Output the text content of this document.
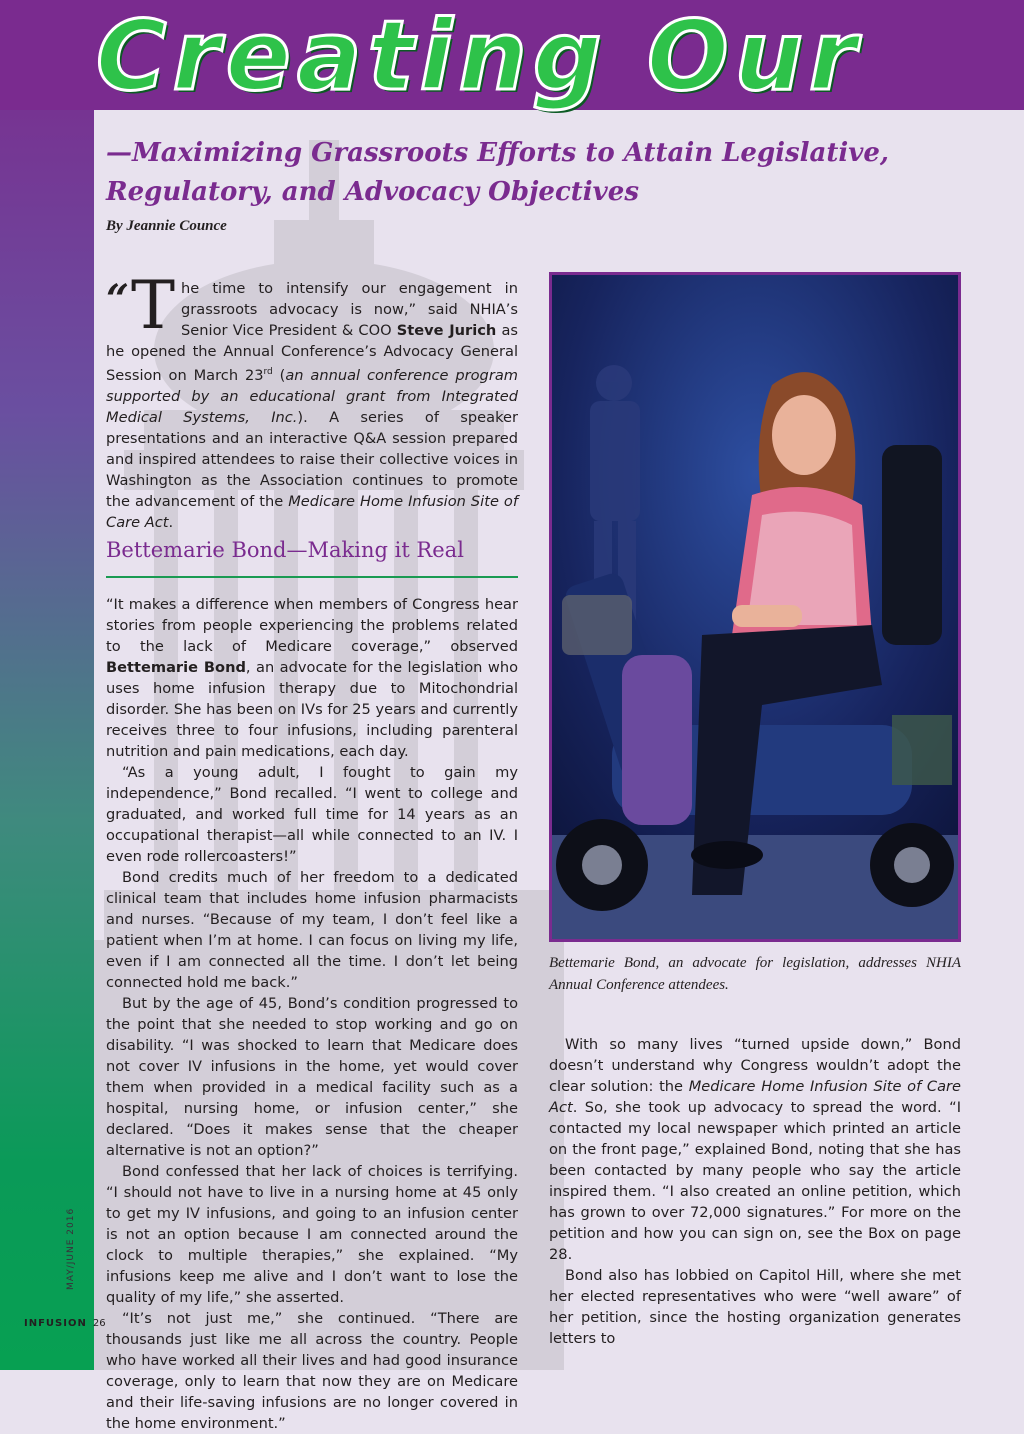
Creating Our
—Maximizing Grassroots Efforts to Attain Legislative, Regulatory, and Advocacy Objectives
By Jeannie Counce
“ T he time to intensify our engagement in grassroots advocacy is now,” said NHIA’s Senior Vice President & COO Steve Jurich as he opened the Annual Conference’s Advocacy General Session on March 23rd (an annual conference program supported by an educational grant from Integrated Medical Systems, Inc.). A series of speaker presentations and an interactive Q&A session prepared and inspired attendees to raise their collective voices in Washington as the Association continues to promote the advancement of the Medicare Home Infusion Site of Care Act.
Bettemarie Bond—Making it Real

“It makes a difference when members of Congress hear stories from people experiencing the problems related to the lack of Medicare coverage,” observed Bettemarie Bond, an advocate for the legislation who uses home infusion therapy due to Mitochondrial disorder. She has been on IVs for 25 years and currently receives three to four infusions, including parenteral nutrition and pain medications, each day.

“As a young adult, I fought to gain my independence,” Bond recalled. “I went to college and graduated, and worked full time for 14 years as an occupational therapist—all while connected to an IV. I even rode rollercoasters!”

Bond credits much of her freedom to a dedicated clinical team that includes home infusion pharmacists and nurses. “Because of my team, I don’t feel like a patient when I’m at home. I can focus on living my life, even if I am connected all the time. I don’t let being connected hold me back.”

But by the age of 45, Bond’s condition progressed to the point that she needed to stop working and go on disability. “I was shocked to learn that Medicare does not cover IV infusions in the home, yet would cover them when provided in a medical facility such as a hospital, nursing home, or infusion center,” she declared. “Does it makes sense that the cheaper alternative is not an option?”

Bond confessed that her lack of choices is terrifying. “I should not have to live in a nursing home at 45 only to get my IV infusions, and going to an infusion center is not an option because I am connected around the clock to multiple therapies,” she explained. “My infusions keep me alive and I don’t want to lose the quality of my life,” she asserted.

“It’s not just me,” she continued. “There are thousands just like me all across the country. People who have worked all their lives and had good insurance coverage, only to learn that now they are on Medicare and their life-saving infusions are no longer covered in the home environment.”

Bettemarie Bond, an advocate for legislation, addresses NHIA Annual Conference attendees.

With so many lives “turned upside down,” Bond doesn’t understand why Congress wouldn’t adopt the clear solution: the Medicare Home Infusion Site of Care Act. So, she took up advocacy to spread the word. “I contacted my local newspaper which printed an article on the front page,” explained Bond, noting that she has been contacted by many people who say the article inspired them. “I also created an online petition, which has grown to over 72,000 signatures.” For more on the petition and how you can sign on, see the Box on page 28.

Bond also has lobbied on Capitol Hill, where she met her elected representatives who were “well aware” of her petition, since the hosting organization generates letters to

MAY/JUNE 2016
INFUSION 26
